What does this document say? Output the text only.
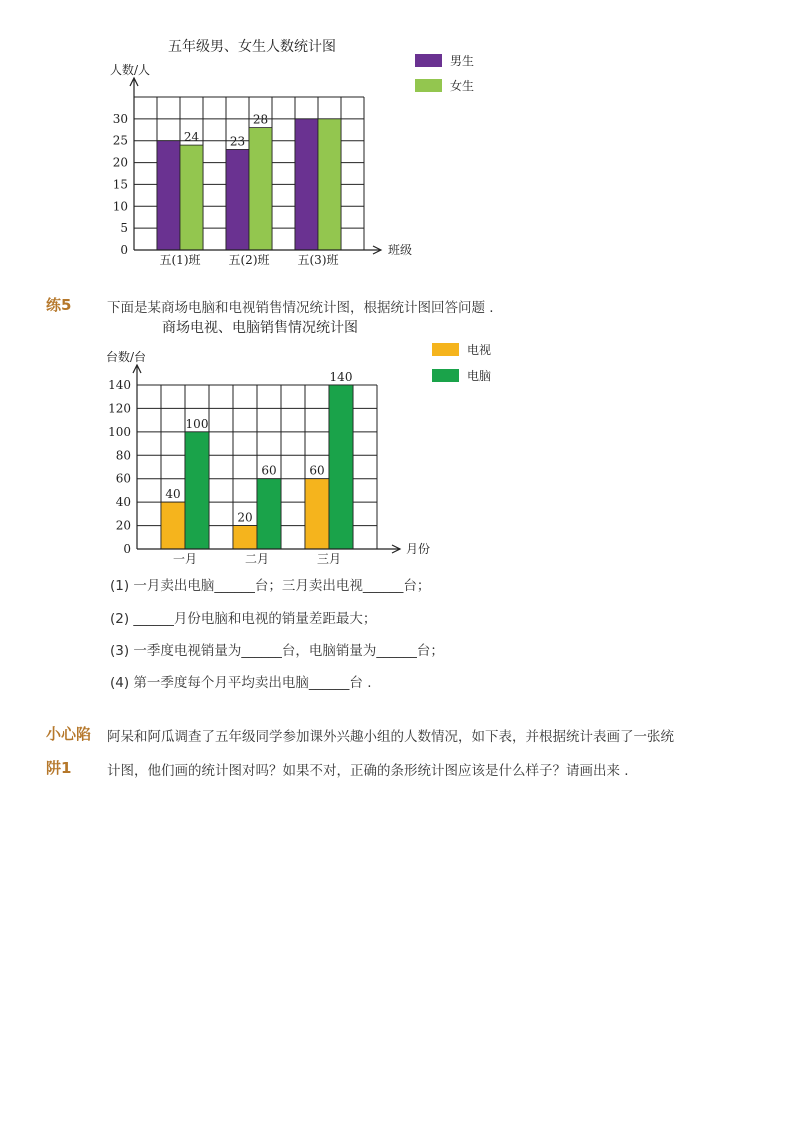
五年级男、女生人数统计图
人数/人
班级
23
24
28
0
5
10
15
20
25
30
五(1)班 五(2)班 五(3)班
男生
女生
商场电视、电脑销售情况统计图
台数/台
月份
40
20
60
100
60
140
0
20
40
60
80
100
120
140
一月	二月	三月
电视
电脑
练5	下面是某商场电脑和电视销售情况统计图，根据统计图回答问题 .
(1) 一月卖出电脑______台；三月卖出电视______台；
(2) ______月份电脑和电视的销量差距最大；
(3) 一季度电视销量为______台，电脑销量为______台；
(4) 第一季度每个月平均卖出电脑______台 .
小心陷
阱1
阿呆和阿瓜调查了五年级同学参加课外兴趣小组的人数情况，如下表，并根据统计表画了一张统
计图，他们画的统计图对吗？如果不对，正确的条形统计图应该是什么样子？请画出来 .
